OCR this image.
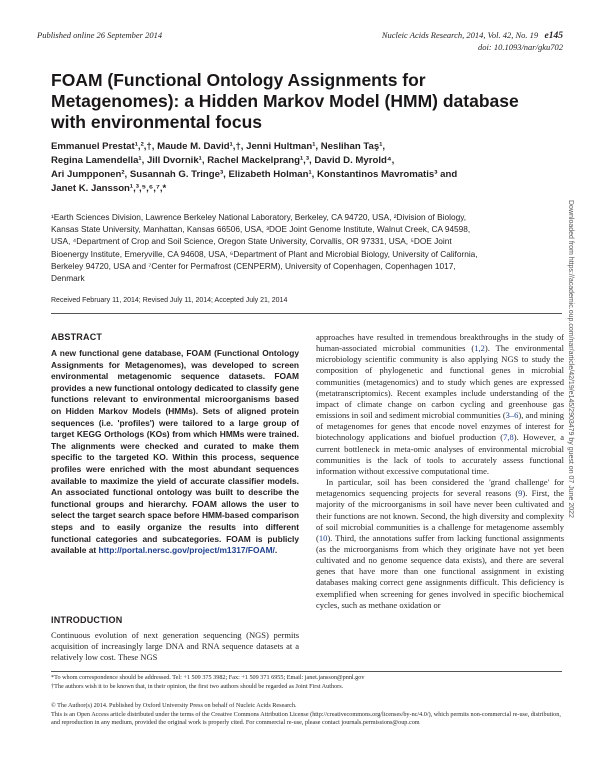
Published online 26 September 2014	Nucleic Acids Research, 2014, Vol. 42, No. 19 e145
doi: 10.1093/nar/gku702
FOAM (Functional Ontology Assignments for Metagenomes): a Hidden Markov Model (HMM) database with environmental focus
Emmanuel Prestat¹,²,†, Maude M. David¹,†, Jenni Hultman¹, Neslihan Taş¹,
Regina Lamendella¹, Jill Dvornik¹, Rachel Mackelprang¹,³, David D. Myrold⁴,
Ari Jumpponen², Susannah G. Tringe³, Elizabeth Holman¹, Konstantinos Mavromatis³ and
Janet K. Jansson¹,³,⁵,⁶,⁷,*
¹Earth Sciences Division, Lawrence Berkeley National Laboratory, Berkeley, CA 94720, USA, ²Division of Biology,
Kansas State University, Manhattan, Kansas 66506, USA, ³DOE Joint Genome Institute, Walnut Creek, CA 94598,
USA, ⁴Department of Crop and Soil Science, Oregon State University, Corvallis, OR 97331, USA, ⁵DOE Joint
Bioenergy Institute, Emeryville, CA 94608, USA, ⁶Department of Plant and Microbial Biology, University of California,
Berkeley 94720, USA and ⁷Center for Permafrost (CENPERM), University of Copenhagen, Copenhagen 1017,
Denmark
Received February 11, 2014; Revised July 11, 2014; Accepted July 21, 2014
ABSTRACT
A new functional gene database, FOAM (Functional Ontology Assignments for Metagenomes), was developed to screen environmental metagenomic sequence datasets. FOAM provides a new functional ontology dedicated to classify gene functions relevant to environmental microorganisms based on Hidden Markov Models (HMMs). Sets of aligned protein sequences (i.e. 'profiles') were tailored to a large group of target KEGG Orthologs (KOs) from which HMMs were trained. The alignments were checked and curated to make them specific to the targeted KO. Within this process, sequence profiles were enriched with the most abundant sequences available to maximize the yield of accurate classifier models. An associated functional ontology was built to describe the functional groups and hierarchy. FOAM allows the user to select the target search space before HMM-based comparison steps and to easily organize the results into different functional categories and subcategories. FOAM is publicly available at http://portal.nersc.gov/project/m1317/FOAM/.
INTRODUCTION
Continuous evolution of next generation sequencing (NGS) permits acquisition of increasingly large DNA and RNA sequence datasets at a relatively low cost. These NGS

approaches have resulted in tremendous breakthroughs in the study of human-associated microbial communities (1,2). The environmental microbiology scientific community is also applying NGS to study the composition of phylogenetic and functional genes in microbial communities (metagenomics) and to study which genes are expressed (metatranscriptomics). Recent examples include understanding of the impact of climate change on carbon cycling and greenhouse gas emissions in soil and sediment microbial communities (3–6), and mining of metagenomes for genes that encode novel enzymes of interest for biotechnology applications and biofuel production (7,8). However, a current bottleneck in meta-omic analyses of environmental microbial communities is the lack of tools to accurately assess functional information without excessive computational time.

In particular, soil has been considered the 'grand challenge' for metagenomics sequencing projects for several reasons (9). First, the majority of the microorganisms in soil have never been cultivated and their functions are not known. Second, the high diversity and complexity of soil microbial communities is a challenge for metagenome assembly (10). Third, the annotations suffer from lacking functional assignments (as the microorganisms from which they originate have not yet been cultivated and no genome sequence data exists), and there are several genes that have more than one functional assignment in existing databases making correct gene assignments difficult. This deficiency is exemplified when screening for genes involved in specific biochemical cycles, such as methane oxidation or

*To whom correspondence should be addressed. Tel: +1 509 375 3982; Fax: +1 509 371 6955; Email: janet.jansson@pnnl.gov
†The authors wish it to be known that, in their opinion, the first two authors should be regarded as Joint First Authors.
© The Author(s) 2014. Published by Oxford University Press on behalf of Nucleic Acids Research.
This is an Open Access article distributed under the terms of the Creative Commons Attribution License (http://creativecommons.org/licenses/by-nc/4.0/), which permits non-commercial re-use, distribution, and reproduction in any medium, provided the original work is properly cited. For commercial re-use, please contact journals.permissions@oup.com
Downloaded from https://academic.oup.com/nar/article/42/19/e145/2903479 by guest on 07 June 2022
